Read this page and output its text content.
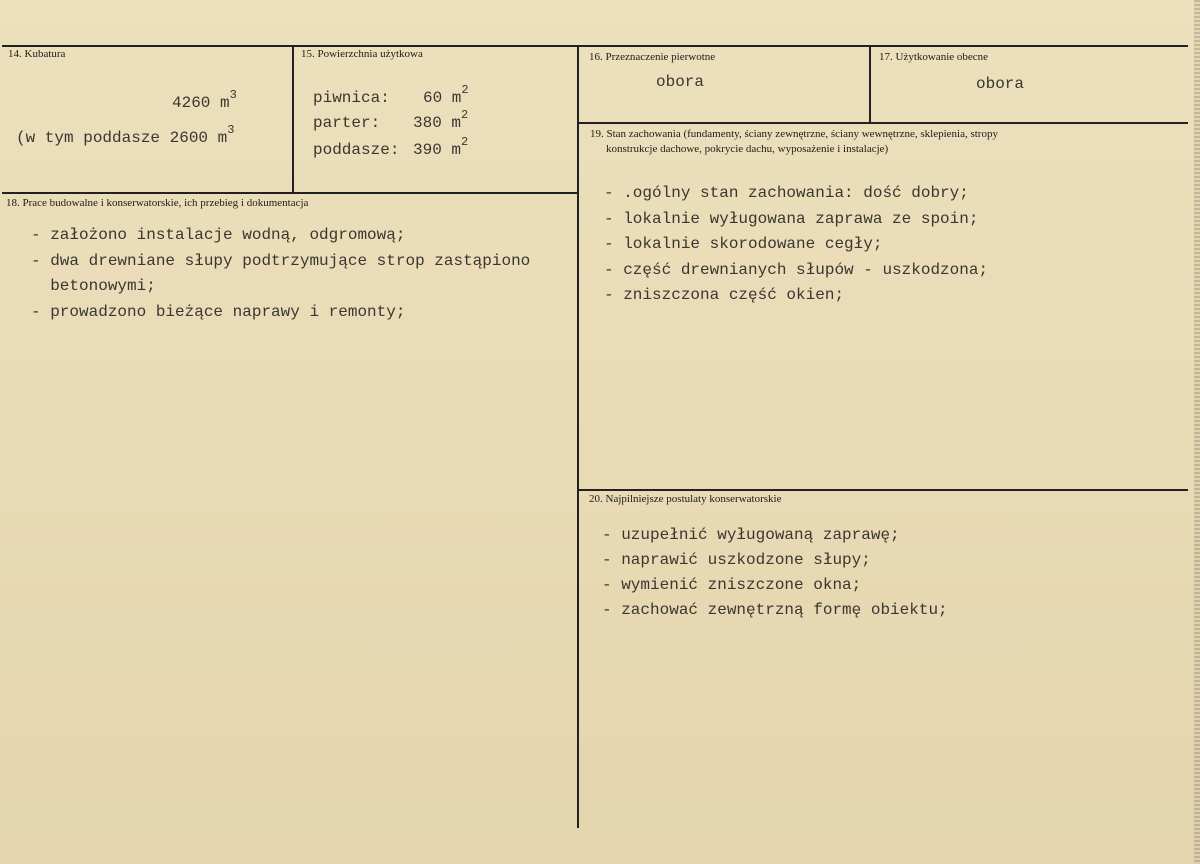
14. Kubatura
4260 $m^3$
(w tym poddasze 2600 $m^3$
15. Powierzchnia użytkowa
piwnica: 60 $m^2$
parter: 380 $m^2$
poddasze: 390 $m^2$
16. Przeznaczenie pierwotne
obora
17. Użytkowanie obecne
obora
18. Prace budowalne i konserwatorskie, ich przebieg i dokumentacja
- założono instalacje wodną, odgromową;
- dwa drewniane słupy podtrzymujące strop zastąpiono
betonowymi;
- prowadzono bieżące naprawy i remonty;
19. Stan zachowania (fundamenty, ściany zewnętrzne, ściany wewnętrzne, sklepienia, stropy
konstrukcje dachowe, pokrycie dachu, wyposażenie i instalacje)
- .ogólny stan zachowania: dość dobry;
- lokalnie wyługowana zaprawa ze spoin;
- lokalnie skorodowane cegły;
- część drewnianych słupów - uszkodzona;
- zniszczona część okien;
20. Najpilniejsze postulaty konserwatorskie
- uzupełnić wyługowaną zaprawę;
- naprawić uszkodzone słupy;
- wymienić zniszczone okna;
- zachować zewnętrzną formę obiektu;
